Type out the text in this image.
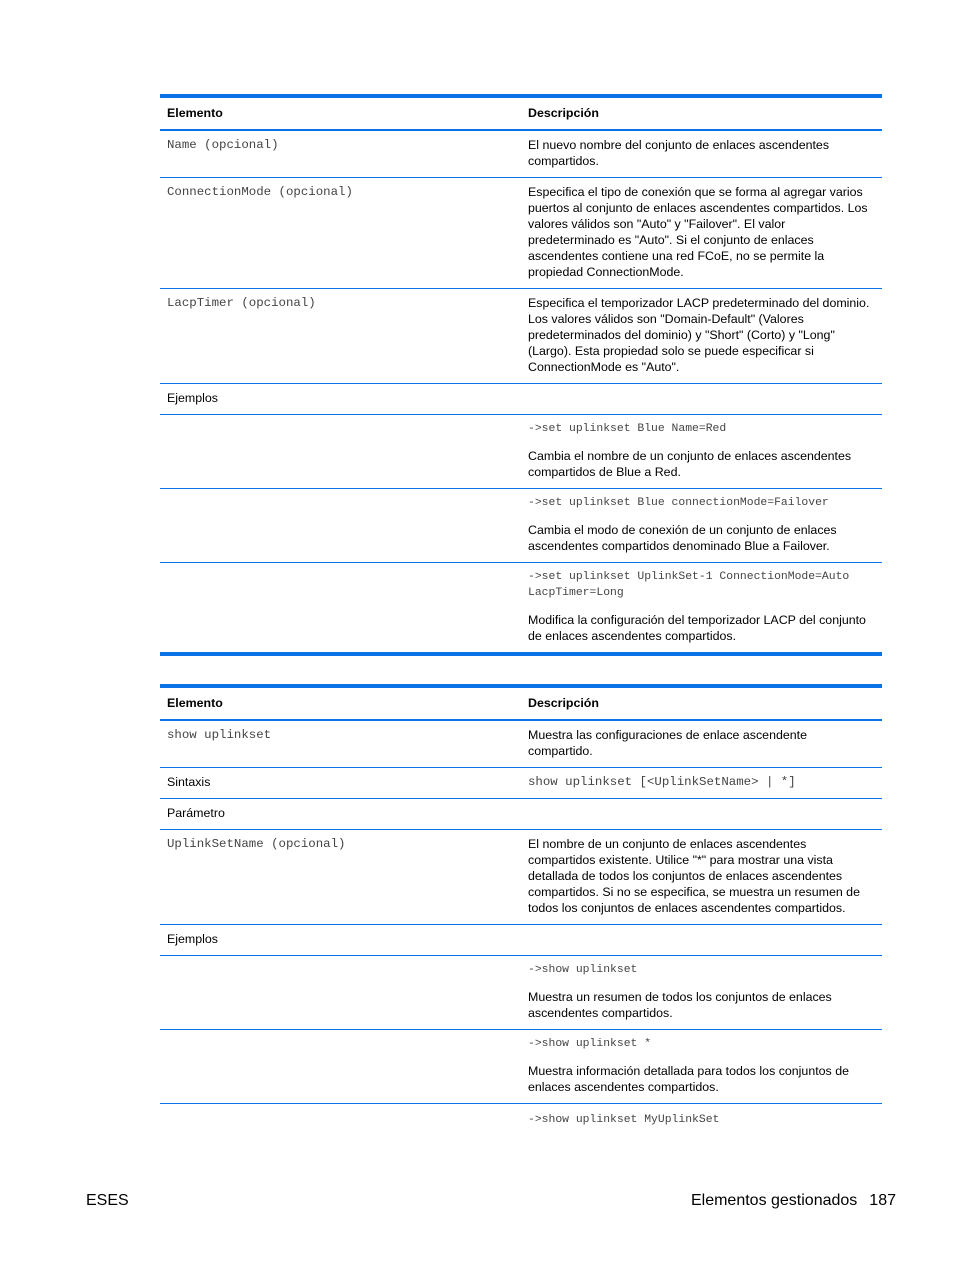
Elemento	Descripción
Name (opcional)	El nuevo nombre del conjunto de enlaces ascendentes compartidos.
ConnectionMode (opcional)	Especifica el tipo de conexión que se forma al agregar varios puertos al conjunto de enlaces ascendentes compartidos. Los valores válidos son "Auto" y "Failover". El valor predeterminado es "Auto". Si el conjunto de enlaces ascendentes contiene una red FCoE, no se permite la propiedad ConnectionMode.
LacpTimer (opcional)	Especifica el temporizador LACP predeterminado del dominio. Los valores válidos son "Domain-Default" (Valores predeterminados del dominio) y "Short" (Corto) y "Long" (Largo). Esta propiedad solo se puede especificar si ConnectionMode es "Auto".
Ejemplos	

	->set uplinkset Blue Name=Red
Cambia el nombre de un conjunto de enlaces ascendentes compartidos de Blue a Red.

	->set uplinkset Blue connectionMode=Failover
Cambia el modo de conexión de un conjunto de enlaces ascendentes compartidos denominado Blue a Failover.

	->set uplinkset UplinkSet-1 ConnectionMode=Auto LacpTimer=Long
Modifica la configuración del temporizador LACP del conjunto de enlaces ascendentes compartidos.
Elemento	Descripción
show uplinkset	Muestra las configuraciones de enlace ascendente compartido.
Sintaxis	show uplinkset [<UplinkSetName> | *]
Parámetro	
UplinkSetName (opcional)	El nombre de un conjunto de enlaces ascendentes compartidos existente. Utilice "*" para mostrar una vista detallada de todos los conjuntos de enlaces ascendentes compartidos. Si no se especifica, se muestra un resumen de todos los conjuntos de enlaces ascendentes compartidos.
Ejemplos	

	->show uplinkset
Muestra un resumen de todos los conjuntos de enlaces ascendentes compartidos.

	->show uplinkset *
Muestra información detallada para todos los conjuntos de enlaces ascendentes compartidos.
	->show uplinkset MyUplinkSet
ESES	Elementos gestionados 187
